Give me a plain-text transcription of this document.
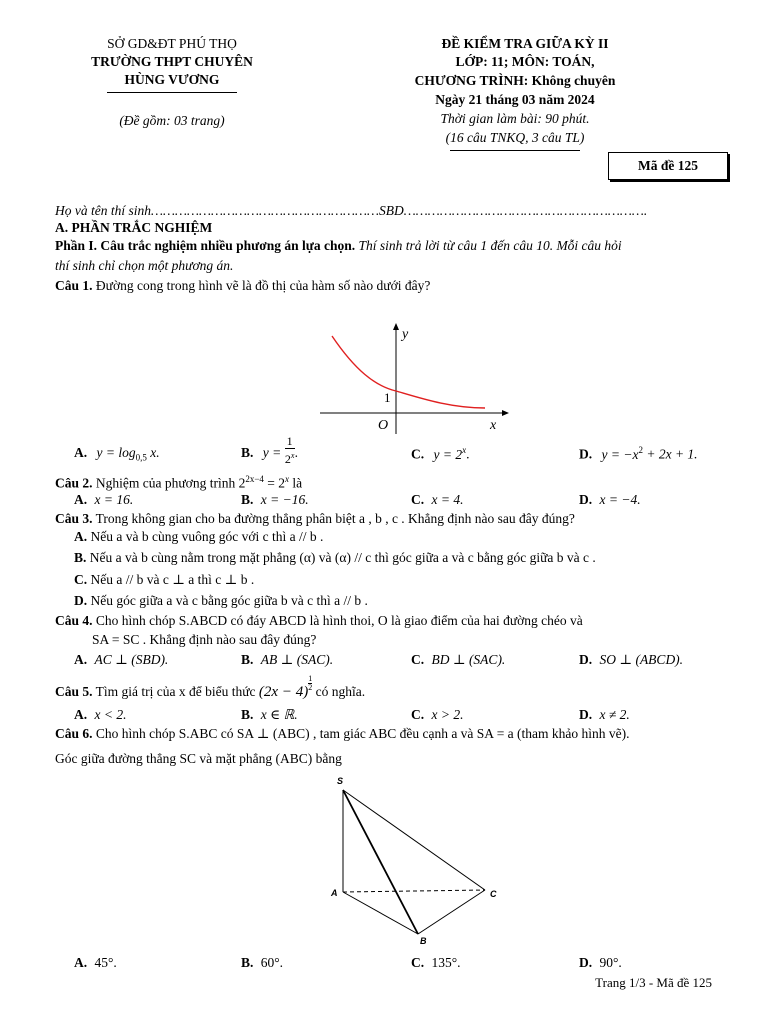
SỞ GD&ĐT PHÚ THỌ
TRƯỜNG THPT CHUYÊN
HÙNG VƯƠNG
(Đề gồm: 03 trang)
ĐỀ KIỂM TRA GIỮA KỲ II
LỚP: 11; MÔN: TOÁN,
CHƯƠNG TRÌNH: Không chuyên
Ngày 21 tháng 03 năm 2024
Thời gian làm bài: 90 phút.
(16 câu TNKQ, 3 câu TL)
Mã đề 125
Họ và tên thí sinh…………………………………………………SBD…………………………………………………….
A. PHẦN TRẮC NGHIỆM
Phần I. Câu trắc nghiệm nhiều phương án lựa chọn. Thí sinh trả lời từ câu 1 đến câu 10. Mỗi câu hỏi
thí sinh chỉ chọn một phương án.
Câu 1. Đường cong trong hình vẽ là đồ thị của hàm số nào dưới đây?
y
x
O
1
A. $y = \log_{0,5} x$.	B. $y = \frac{1}{2^x}$ .	C. $y = 2^x$.	D. $y = -x^2 + 2x + 1$.
Câu 2. Nghiệm của phương trình $2^{2x-4} = 2^x$ là
A. x = 16.	B. x = −16.	C. x = 4.	D. x = −4.
Câu 3. Trong không gian cho ba đường thẳng phân biệt a , b , c . Khẳng định nào sau đây đúng?
A. Nếu a và b cùng vuông góc với c thì a // b .
B. Nếu a và b cùng nằm trong mặt phẳng (α) và (α) // c thì góc giữa a và c bằng góc giữa b và c .
C. Nếu a // b và c ⊥ a thì c ⊥ b .
D. Nếu góc giữa a và c bằng góc giữa b và c thì a // b .
Câu 4. Cho hình chóp S.ABCD có đáy ABCD là hình thoi, O là giao điểm của hai đường chéo và
SA = SC . Khẳng định nào sau đây đúng?
A. AC ⊥ (SBD).	B. AB ⊥ (SAC).	C. BD ⊥ (SAC).	D. SO ⊥ (ABCD).
Câu 5. Tìm giá trị của x để biểu thức $(2x - 4) \frac{1}{2}$ có nghĩa.
A. x < 2.	B. x ∈ ℝ.	C. x > 2.	D. x ≠ 2.
Câu 6. Cho hình chóp S.ABC có SA ⊥ (ABC) , tam giác ABC đều cạnh a và SA = a (tham khảo hình vẽ).
Góc giữa đường thẳng SC và mặt phẳng (ABC) bằng
S
A
B
C
A. 45°.	B. 60°.	C. 135°.	D. 90°.
Trang 1/3 - Mã đề 125
